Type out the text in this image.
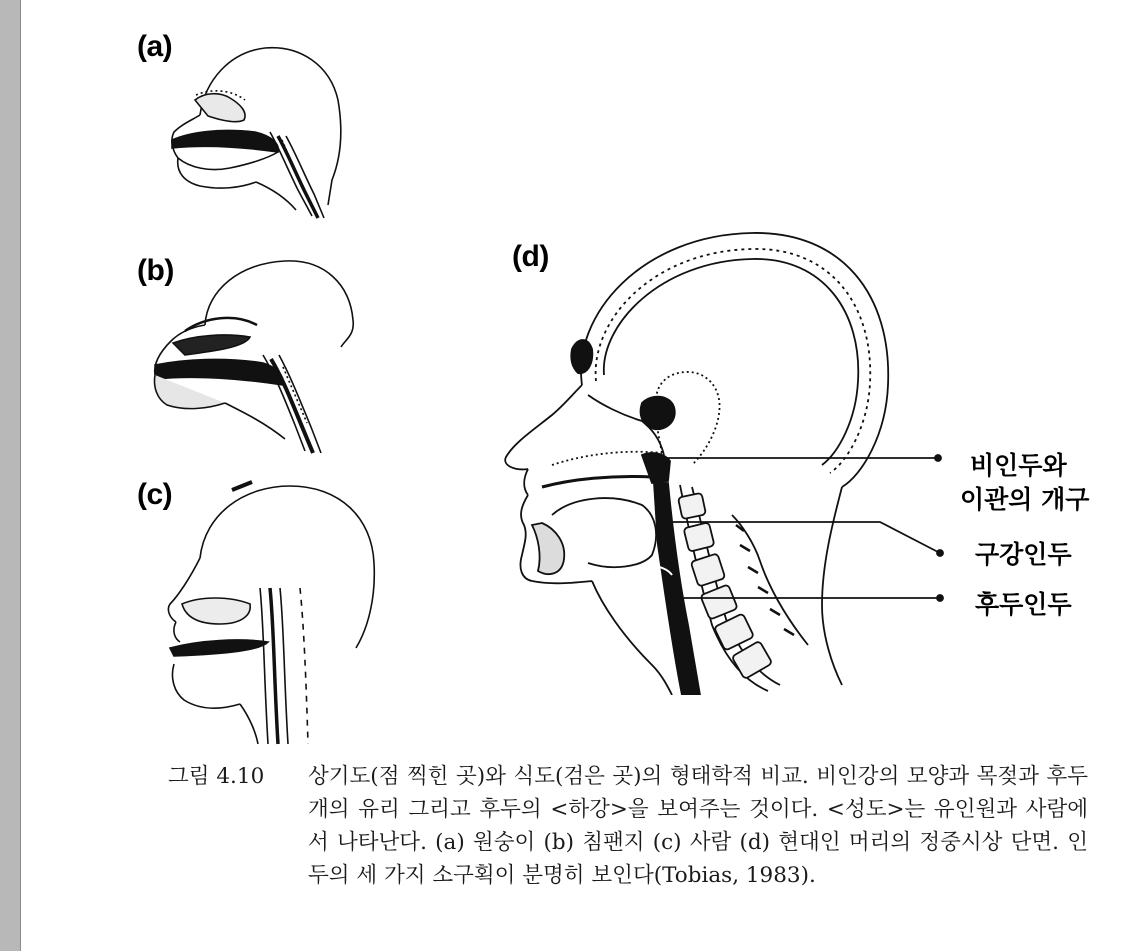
(a)
(b)
(c)
(d)
비인두와
이관의 개구
구강인두
후두인두
그림 4.10 상기도(점 찍힌 곳)와 식도(검은 곳)의 형태학적 비교. 비인강의 모양과 목젖과 후두개의 유리 그리고 후두의 <하강>을 보여주는 것이다. <성도>는 유인원과 사람에서 나타난다. (a) 원숭이 (b) 침팬지 (c) 사람 (d) 현대인 머리의 정중시상 단면. 인두의 세 가지 소구획이 분명히 보인다(Tobias, 1983).
